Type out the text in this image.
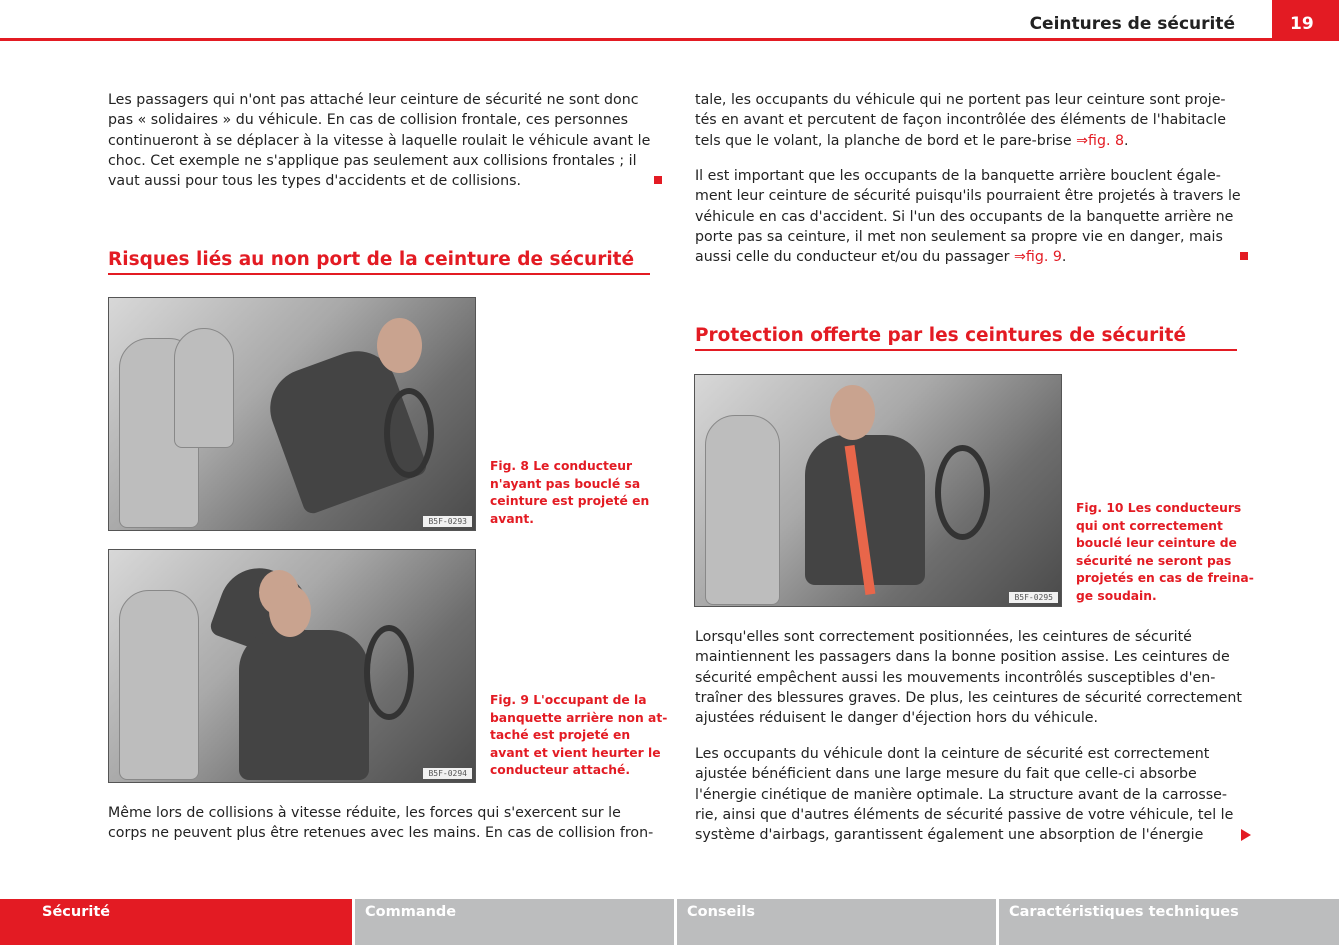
Ceintures de sécurité	19
Les passagers qui n'ont pas attaché leur ceinture de sécurité ne sont donc
pas « solidaires » du véhicule. En cas de collision frontale, ces personnes
continueront à se déplacer à la vitesse à laquelle roulait le véhicule avant le
choc. Cet exemple ne s'applique pas seulement aux collisions frontales ; il
vaut aussi pour tous les types d'accidents et de collisions.
Risques liés au non port de la ceinture de sécurité
B5F-0293
Fig. 8 Le conducteur
n'ayant pas bouclé sa
ceinture est projeté en
avant.
B5F-0294
Fig. 9 L'occupant de la
banquette arrière non at-
taché est projeté en
avant et vient heurter le
conducteur attaché.
Même lors de collisions à vitesse réduite, les forces qui s'exercent sur le
corps ne peuvent plus être retenues avec les mains. En cas de collision fron-
tale, les occupants du véhicule qui ne portent pas leur ceinture sont proje-
tés en avant et percutent de façon incontrôlée des éléments de l'habitacle
tels que le volant, la planche de bord et le pare-brise ⇒fig. 8.
Il est important que les occupants de la banquette arrière bouclent égale-
ment leur ceinture de sécurité puisqu'ils pourraient être projetés à travers le
véhicule en cas d'accident. Si l'un des occupants de la banquette arrière ne
porte pas sa ceinture, il met non seulement sa propre vie en danger, mais
aussi celle du conducteur et/ou du passager ⇒fig. 9.
Protection offerte par les ceintures de sécurité
B5F-0295
Fig. 10 Les conducteurs
qui ont correctement
bouclé leur ceinture de
sécurité ne seront pas
projetés en cas de freina-
ge soudain.
Lorsqu'elles sont correctement positionnées, les ceintures de sécurité
maintiennent les passagers dans la bonne position assise. Les ceintures de
sécurité empêchent aussi les mouvements incontrôlés susceptibles d'en-
traîner des blessures graves. De plus, les ceintures de sécurité correctement
ajustées réduisent le danger d'éjection hors du véhicule.
Les occupants du véhicule dont la ceinture de sécurité est correctement
ajustée bénéficient dans une large mesure du fait que celle-ci absorbe
l'énergie cinétique de manière optimale. La structure avant de la carrosse-
rie, ainsi que d'autres éléments de sécurité passive de votre véhicule, tel le
système d'airbags, garantissent également une absorption de l'énergie
Sécurité	Commande	Conseils	Caractéristiques techniques
